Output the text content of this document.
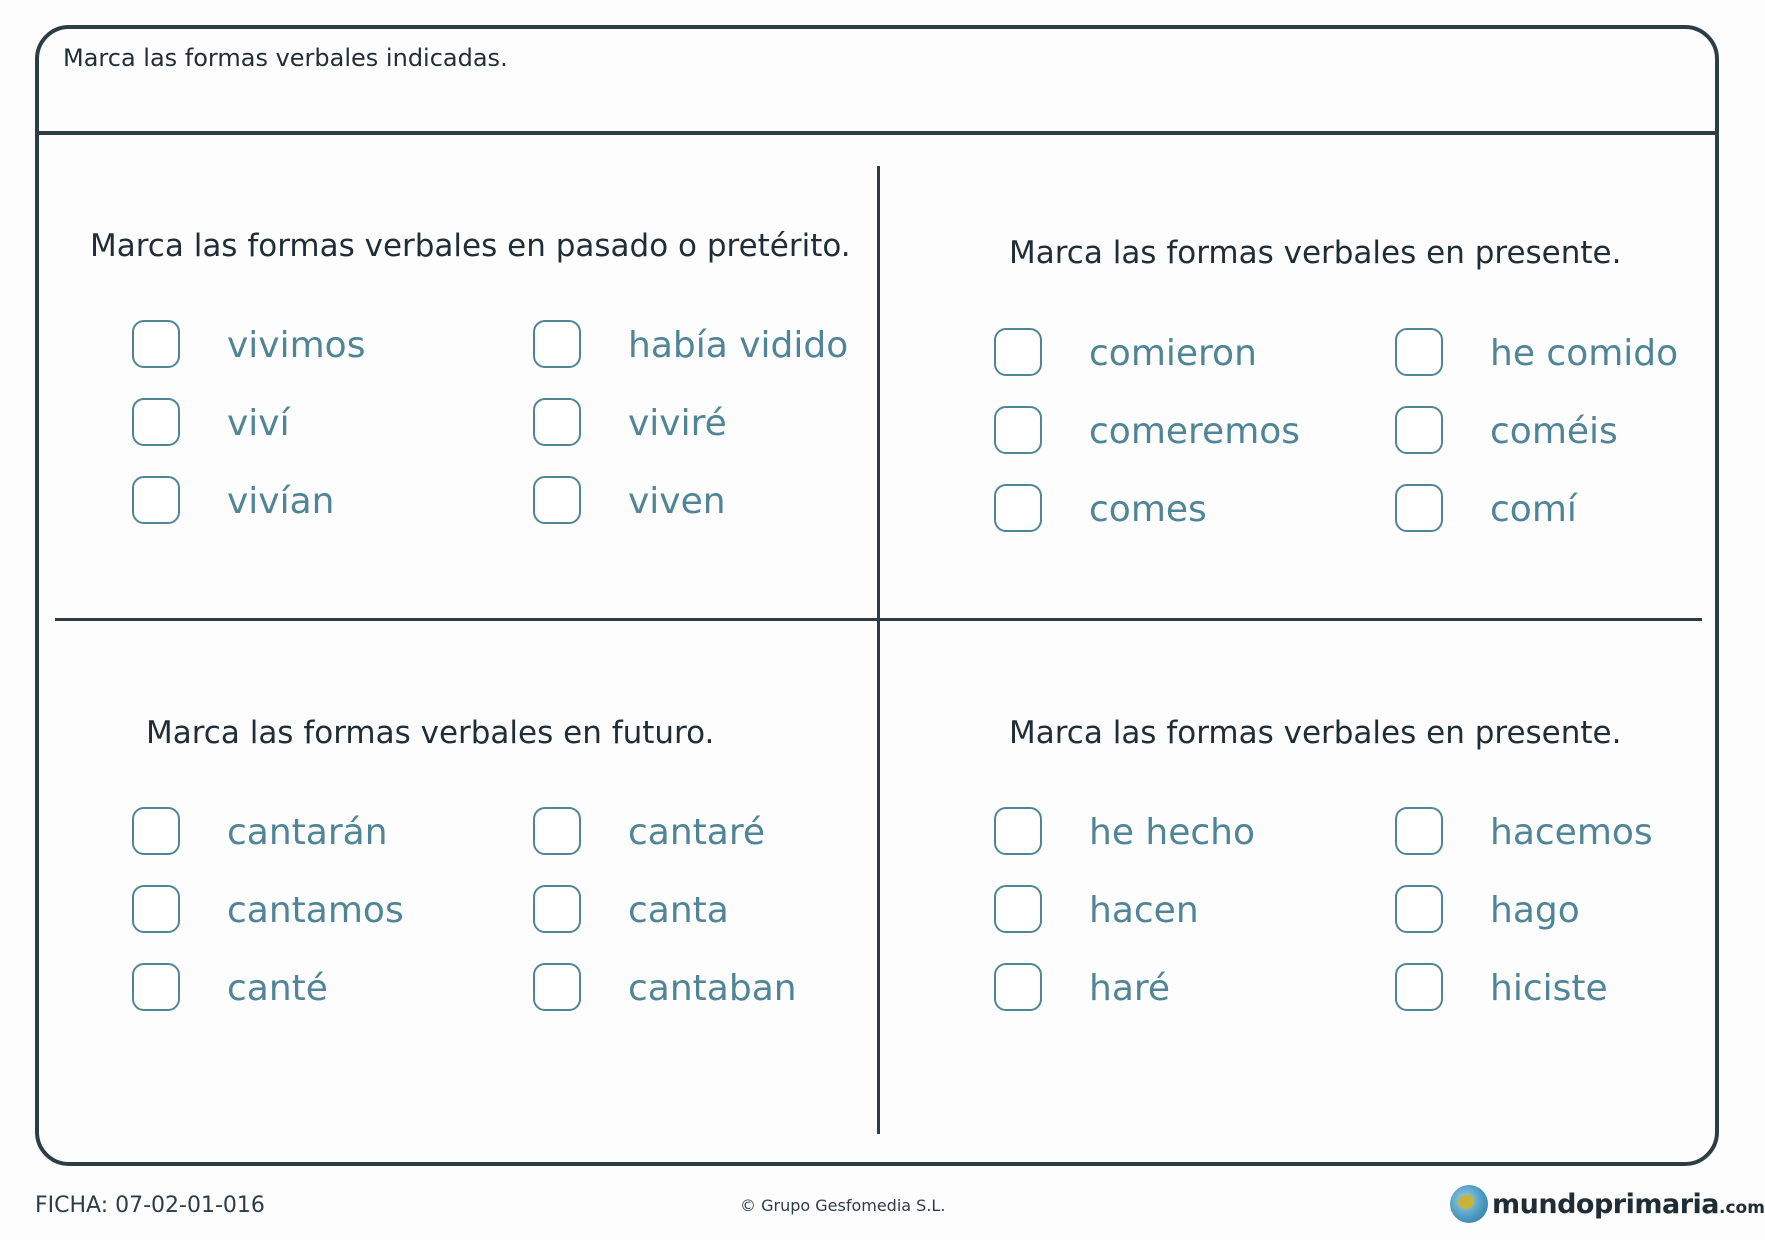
Marca las formas verbales indicadas.
Marca las formas verbales en pasado o pretérito.
vivimos
viví
vivían
había vidido
viviré
viven
Marca las formas verbales en presente.
comieron
comeremos
comes
he comido
coméis
comí
Marca las formas verbales en futuro.
cantarán
cantamos
canté
cantaré
canta
cantaban
Marca las formas verbales en presente.
he hecho
hacen
haré
hacemos
hago
hiciste
FICHA: 07-02-01-016	© Grupo Gesfomedia S.L.	mundoprimaria .com
